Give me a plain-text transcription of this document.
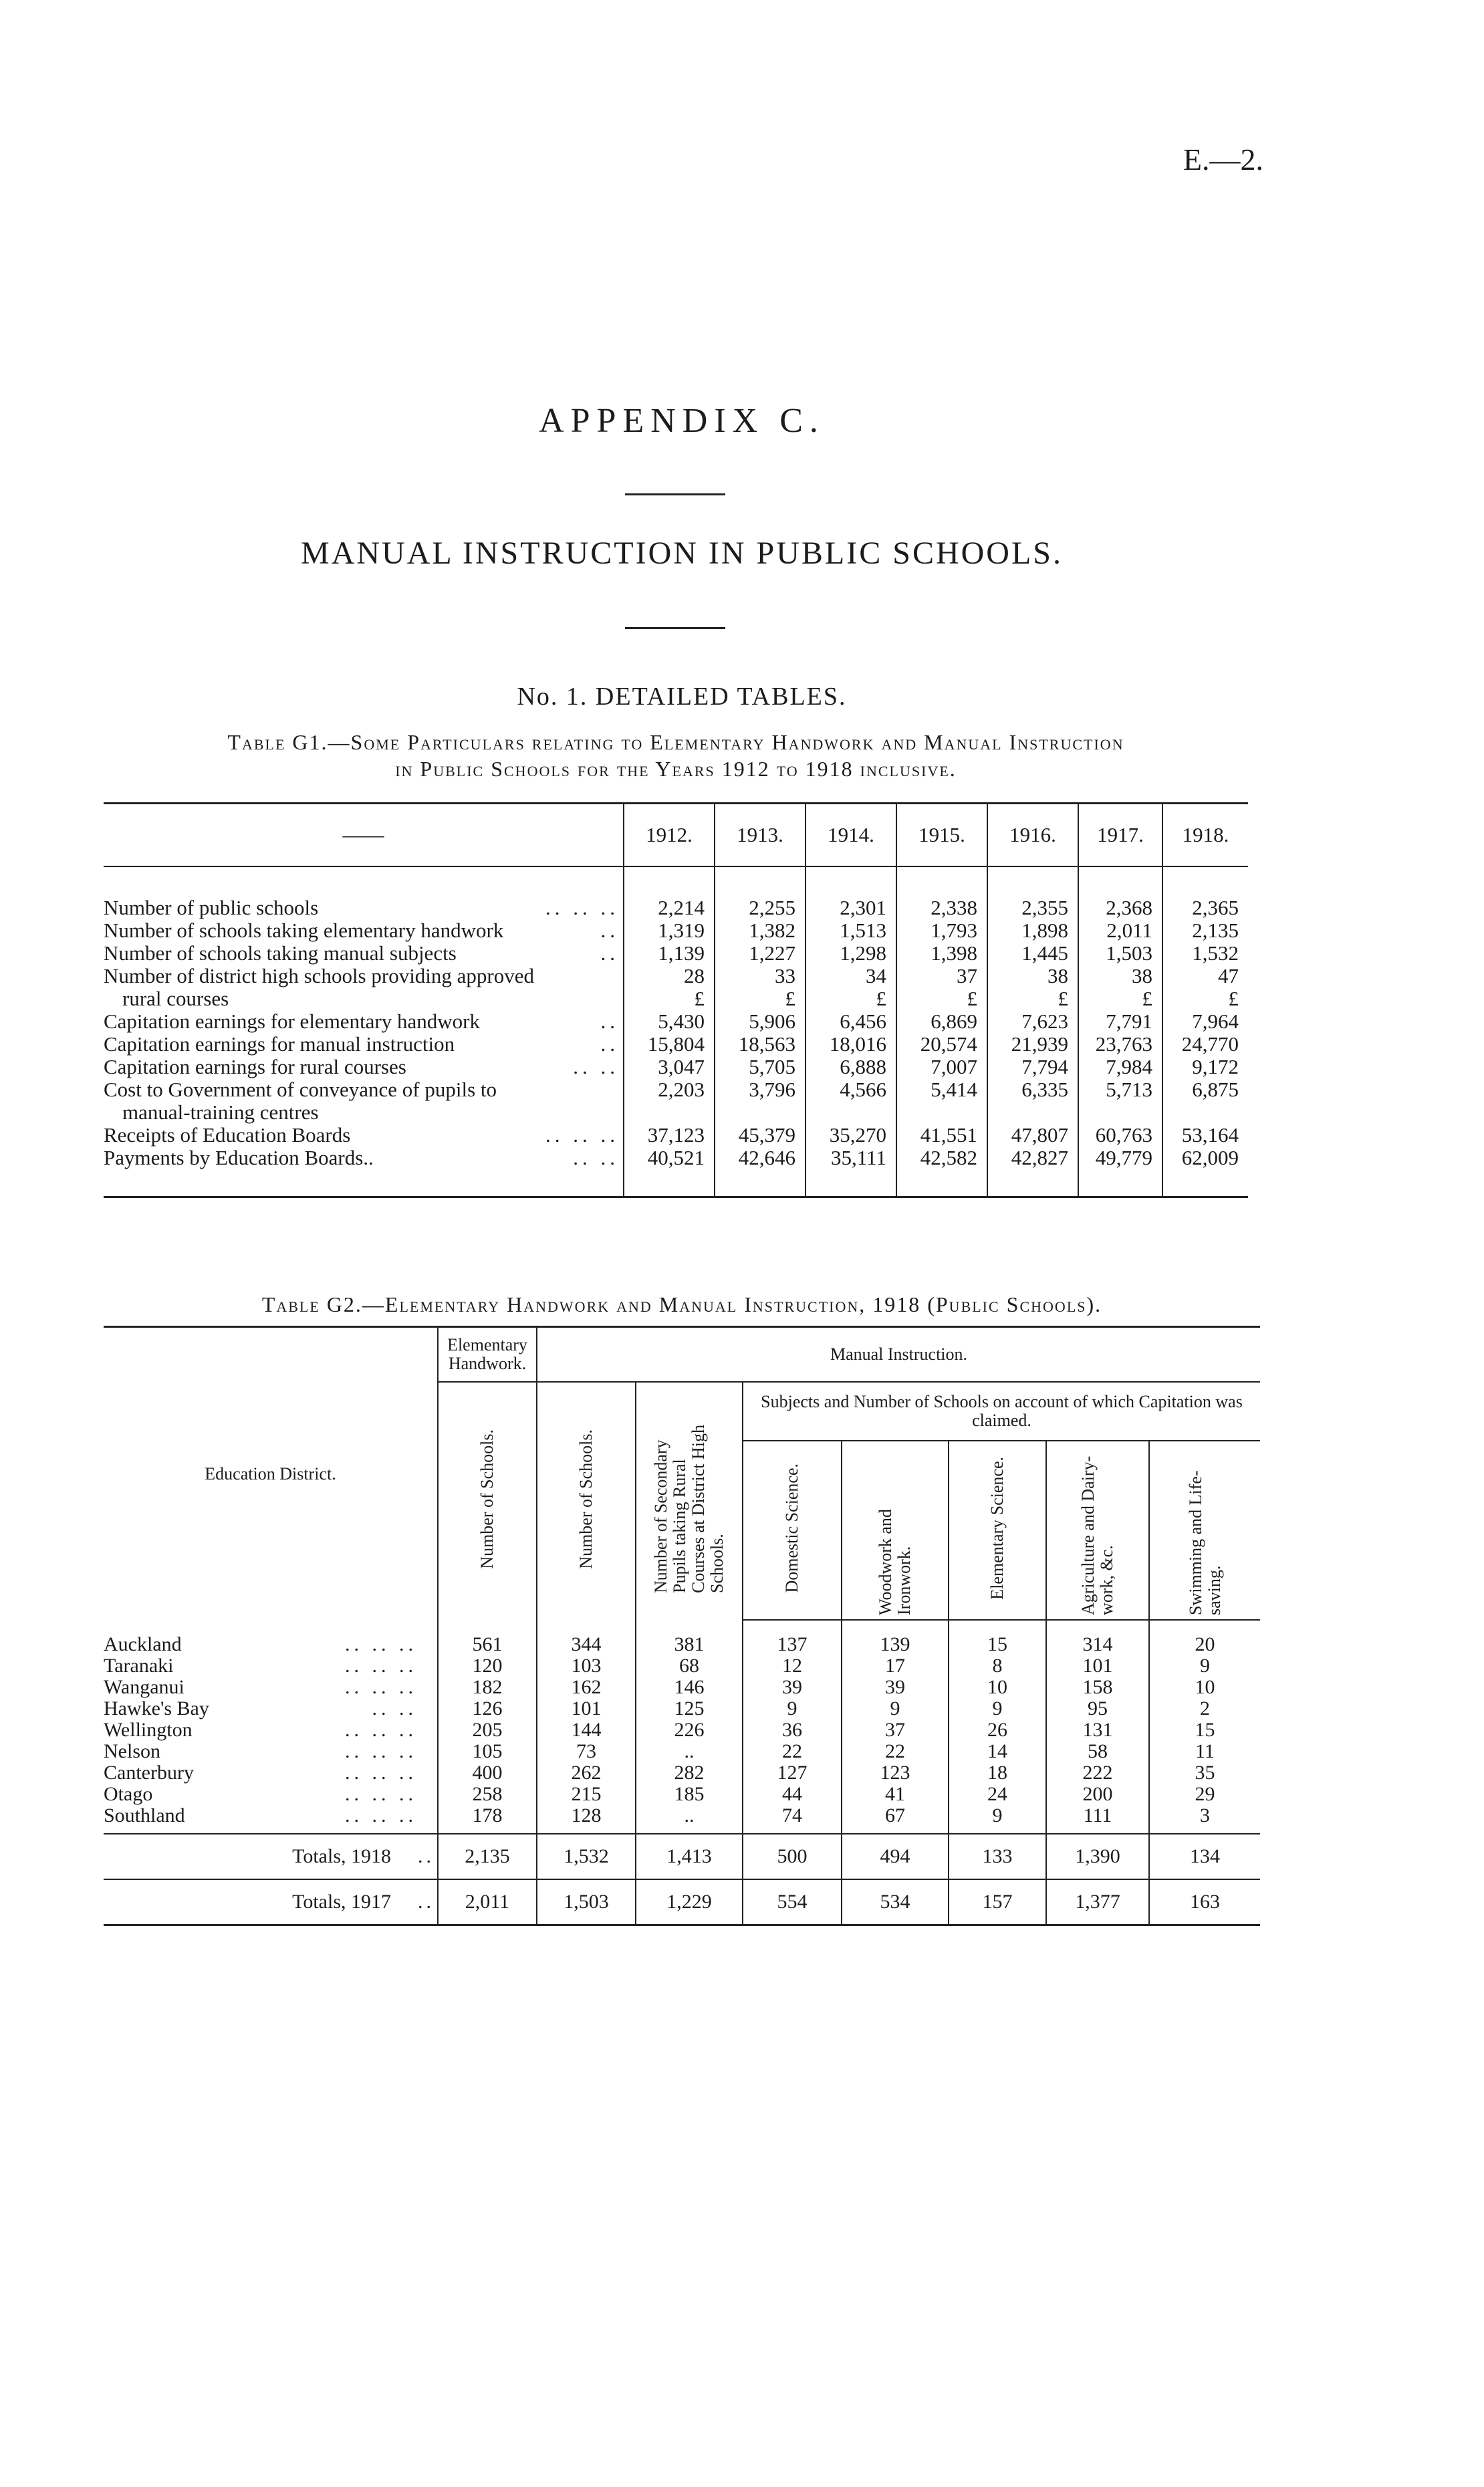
E.—2.
APPENDIX C.
MANUAL INSTRUCTION IN PUBLIC SCHOOLS.
No. 1. DETAILED TABLES.
Table G1.—Some Particulars relating to Elementary Handwork and Manual Instruction
in Public Schools for the Years 1912 to 1918 inclusive.
——	1912.	1913.	1914.	1915.	1916.	1917.	1918.

Number of public schools .. .. ..	2,214	2,255	2,301	2,338	2,355	2,368	2,365
Number of schools taking elementary handwork ..	1,319	1,382	1,513	1,793	1,898	2,011	2,135
Number of schools taking manual subjects ..	1,139	1,227	1,298	1,398	1,445	1,503	1,532
Number of district high schools providing approved	28	33	34	37	38	38	47
rural courses	£	£	£	£	£	£	£
Capitation earnings for elementary handwork ..	5,430	5,906	6,456	6,869	7,623	7,791	7,964
Capitation earnings for manual instruction ..	15,804	18,563	18,016	20,574	21,939	23,763	24,770
Capitation earnings for rural courses .. ..	3,047	5,705	6,888	7,007	7,794	7,984	9,172
Cost to Government of conveyance of pupils to	2,203	3,796	4,566	5,414	6,335	5,713	6,875
manual-training centres							
Receipts of Education Boards .. .. ..	37,123	45,379	35,270	41,551	47,807	60,763	53,164
Payments by Education Boards.. .. ..	40,521	42,646	35,111	42,582	42,827	49,779	62,009
Table G2.—Elementary Handwork and Manual Instruction, 1918 (Public Schools).
Education District.	Elementary Handwork.	Manual Instruction.						
	Number of Schools.	Number of Schools.	Number of Secondary Pupils taking Rural Courses at District High Schools.	Subjects and Number of Schools on account of which Capitation was claimed.				
				Domestic Science.	Woodwork and Ironwork.	Elementary Science.	Agriculture and Dairy-work, &c.	Swimming and Life-saving.

Auckland .. .. ..	561	344	381	137	139	15	314	20
Taranaki .. .. ..	120	103	68	12	17	8	101	9
Wanganui .. .. ..	182	162	146	39	39	10	158	10
Hawke's Bay .. ..	126	101	125	9	9	9	95	2
Wellington .. .. ..	205	144	226	36	37	26	131	15
Nelson .. .. ..	105	73	..	22	22	14	58	11
Canterbury .. .. ..	400	262	282	127	123	18	222	35
Otago .. .. ..	258	215	185	44	41	24	200	29
Southland .. .. ..	178	128	..	74	67	9	111	3
Totals, 1918 ..	2,135	1,532	1,413	500	494	133	1,390	134
Totals, 1917 ..	2,011	1,503	1,229	554	534	157	1,377	163
